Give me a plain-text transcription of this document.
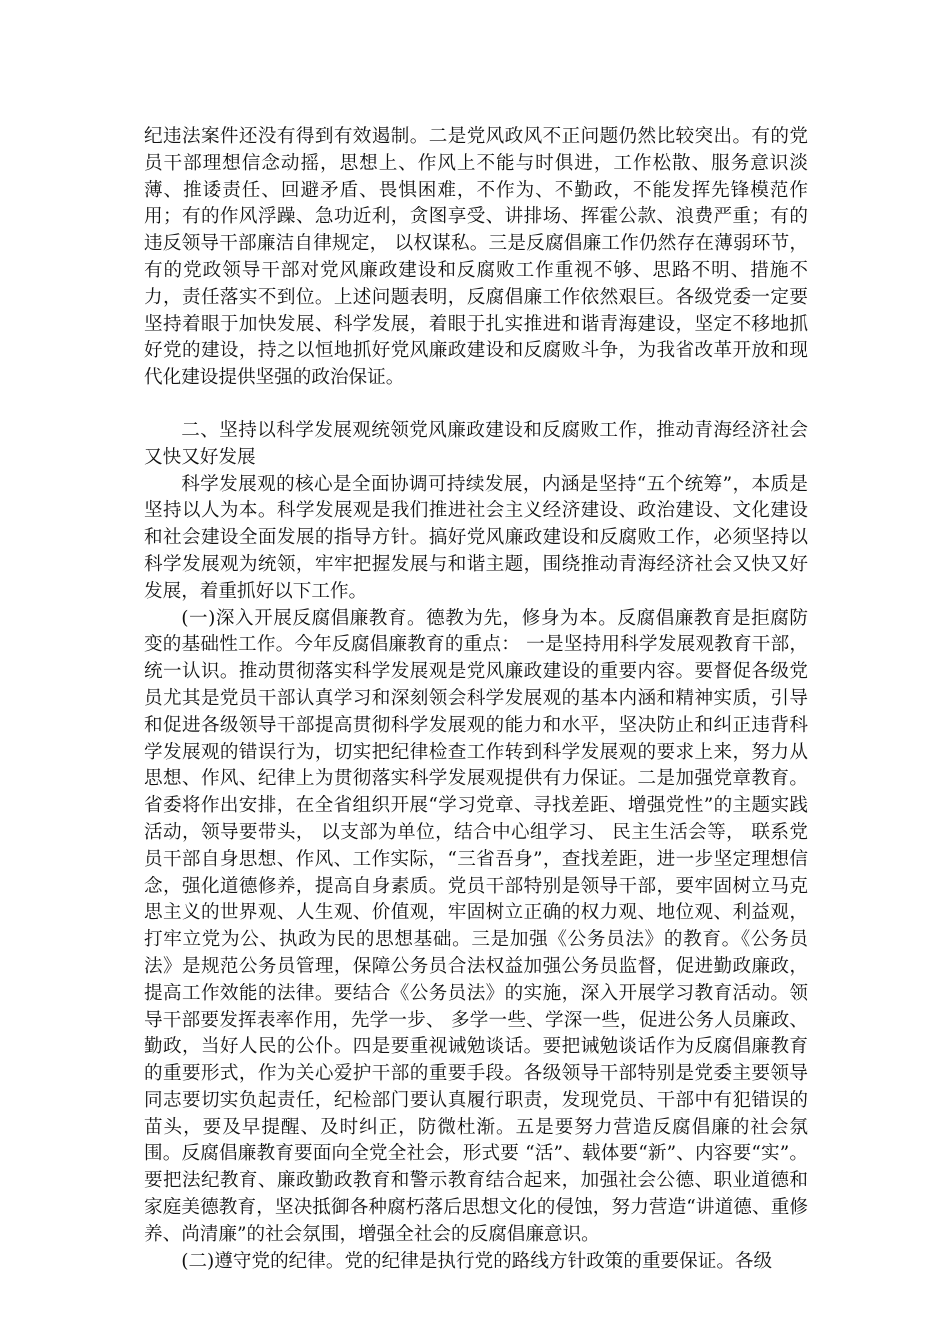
纪违法案件还没有得到有效遏制。二是党风政风不正问题仍然比较突出。有的党员干部理想信念动摇，思想上、作风上不能与时俱进，工作松散、服务意识淡薄、推诿责任、回避矛盾、畏惧困难，不作为、不勤政，不能发挥先锋模范作用；有的作风浮躁、急功近利，贪图享受、讲排场、挥霍公款、浪费严重；有的违反领导干部廉洁自律规定， 以权谋私。三是反腐倡廉工作仍然存在薄弱环节，有的党政领导干部对党风廉政建设和反腐败工作重视不够、思路不明、措施不力，责任落实不到位。上述问题表明，反腐倡廉工作依然艰巨。各级党委一定要坚持着眼于加快发展、科学发展，着眼于扎实推进和谐青海建设，坚定不移地抓好党的建设，持之以恒地抓好党风廉政建设和反腐败斗争，为我省改革开放和现代化建设提供坚强的政治保证。

二、坚持以科学发展观统领党风廉政建设和反腐败工作，推动青海经济社会又快又好发展

科学发展观的核心是全面协调可持续发展，内涵是坚持“五个统筹”，本质是坚持以人为本。科学发展观是我们推进社会主义经济建设、政治建设、文化建设和社会建设全面发展的指导方针。搞好党风廉政建设和反腐败工作，必须坚持以科学发展观为统领，牢牢把握发展与和谐主题，围绕推动青海经济社会又快又好发展，着重抓好以下工作。

(一)深入开展反腐倡廉教育。德教为先，修身为本。反腐倡廉教育是拒腐防变的基础性工作。今年反腐倡廉教育的重点： 一是坚持用科学发展观教育干部，统一认识。推动贯彻落实科学发展观是党风廉政建设的重要内容。要督促各级党员尤其是党员干部认真学习和深刻领会科学发展观的基本内涵和精神实质，引导和促进各级领导干部提高贯彻科学发展观的能力和水平，坚决防止和纠正违背科学发展观的错误行为，切实把纪律检查工作转到科学发展观的要求上来，努力从思想、作风、纪律上为贯彻落实科学发展观提供有力保证。二是加强党章教育。省委将作出安排，在全省组织开展“学习党章、寻找差距、增强党性”的主题实践活动，领导要带头， 以支部为单位，结合中心组学习、 民主生活会等， 联系党员干部自身思想、作风、工作实际，“三省吾身”，查找差距，进一步坚定理想信念，强化道德修养，提高自身素质。党员干部特别是领导干部，要牢固树立马克思主义的世界观、人生观、价值观，牢固树立正确的权力观、地位观、利益观，打牢立党为公、执政为民的思想基础。三是加强《公务员法》的教育。《公务员法》是规范公务员管理，保障公务员合法权益加强公务员监督，促进勤政廉政，提高工作效能的法律。要结合《公务员法》的实施，深入开展学习教育活动。领导干部要发挥表率作用，先学一步、 多学一些、学深一些，促进公务人员廉政、勤政，当好人民的公仆。四是要重视诫勉谈话。要把诫勉谈话作为反腐倡廉教育的重要形式，作为关心爱护干部的重要手段。各级领导干部特别是党委主要领导同志要切实负起责任，纪检部门要认真履行职责，发现党员、干部中有犯错误的苗头，要及早提醒、及时纠正，防微杜渐。五是要努力营造反腐倡廉的社会氛围。反腐倡廉教育要面向全党全社会，形式要 “活”、载体要“新”、内容要“实”。要把法纪教育、廉政勤政教育和警示教育结合起来，加强社会公德、职业道德和家庭美德教育，坚决抵御各种腐朽落后思想文化的侵蚀，努力营造“讲道德、重修养、尚清廉”的社会氛围，增强全社会的反腐倡廉意识。

(二)遵守党的纪律。党的纪律是执行党的路线方针政策的重要保证。各级
